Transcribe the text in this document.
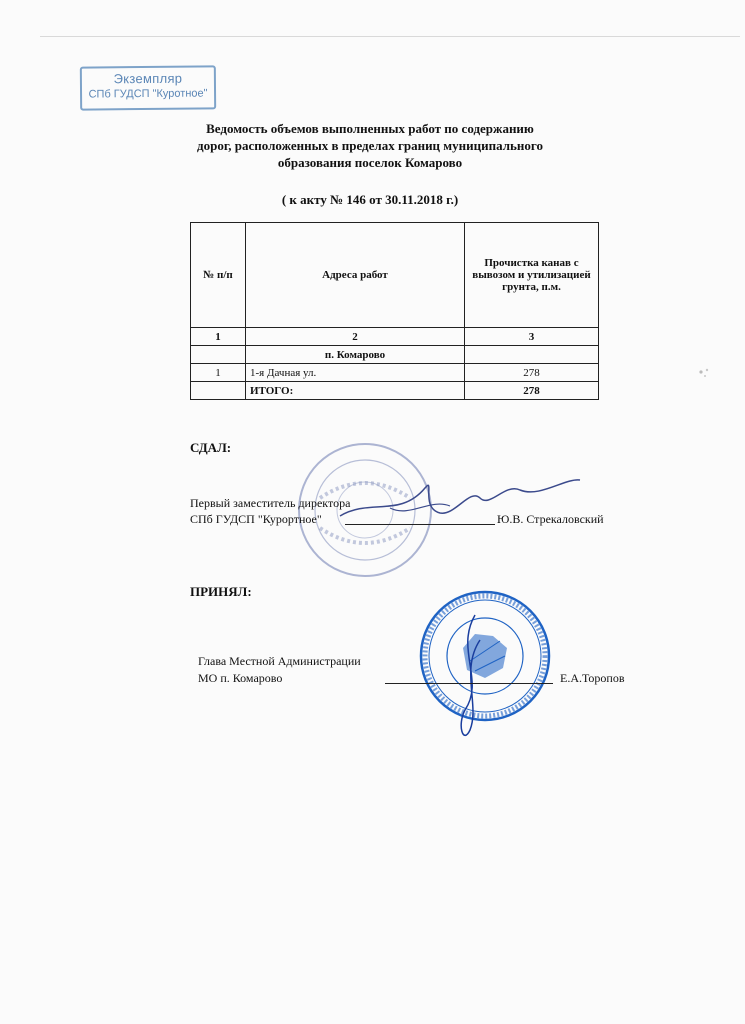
Экземпляр
СПб ГУДСП "Куротное"
Ведомость объемов выполненных работ по содержанию
дорог, расположенных в пределах границ муниципального
образования поселок Комарово
( к акту № 146 от 30.11.2018 г.)
№ п/п	Адреса работ	Прочистка канав с вывозом и утилизацией грунта, п.м.
1	2	3
	п. Комарово	
1	1-я Дачная ул.	278
	ИТОГО:	278
СДАЛ:
Первый заместитель директора
СПб ГУДСП "Курортное"	Ю.В. Стрекаловский
ПРИНЯЛ:
Глава Местной Администрации
МО п. Комарово	Е.А.Торопов
